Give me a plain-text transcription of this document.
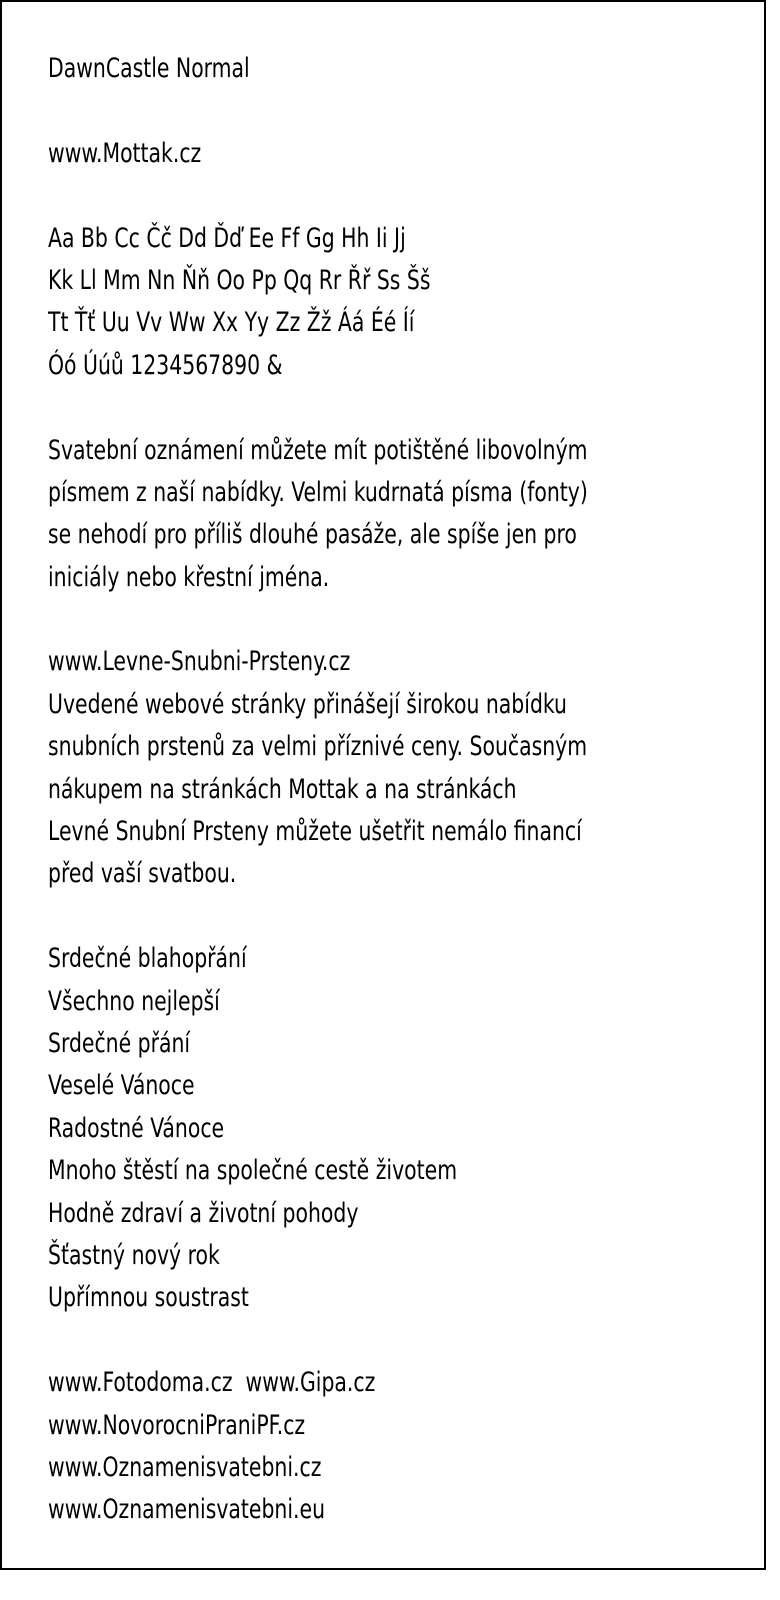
DawnCastle Normal
www.Mottak.cz
Aa Bb Cc Čč Dd Ďď Ee Ff Gg Hh Ii Jj
Kk Ll Mm Nn Ňň Oo Pp Qq Rr Řř Ss Šš
Tt Ťť Uu Vv Ww Xx Yy Zz Žž Áá Éé Íí
Óó Úúů 1234567890 &
Svatební oznámení můžete mít potištěné libovolným
písmem z naší nabídky. Velmi kudrnatá písma (fonty)
se nehodí pro příliš dlouhé pasáže, ale spíše jen pro
iniciály nebo křestní jména.
www.Levne-Snubni-Prsteny.cz
Uvedené webové stránky přinášejí širokou nabídku
snubních prstenů za velmi příznivé ceny. Současným
nákupem na stránkách Mottak a na stránkách
Levné Snubní Prsteny můžete ušetřit nemálo financí
před vaší svatbou.
Srdečné blahopřání
Všechno nejlepší
Srdečné přání
Veselé Vánoce
Radostné Vánoce
Mnoho štěstí na společné cestě životem
Hodně zdraví a životní pohody
Šťastný nový rok
Upřímnou soustrast
www.Fotodoma.cz  www.Gipa.cz
www.NovorocniPraniPF.cz
www.Oznamenisvatebni.cz
www.Oznamenisvatebni.eu
